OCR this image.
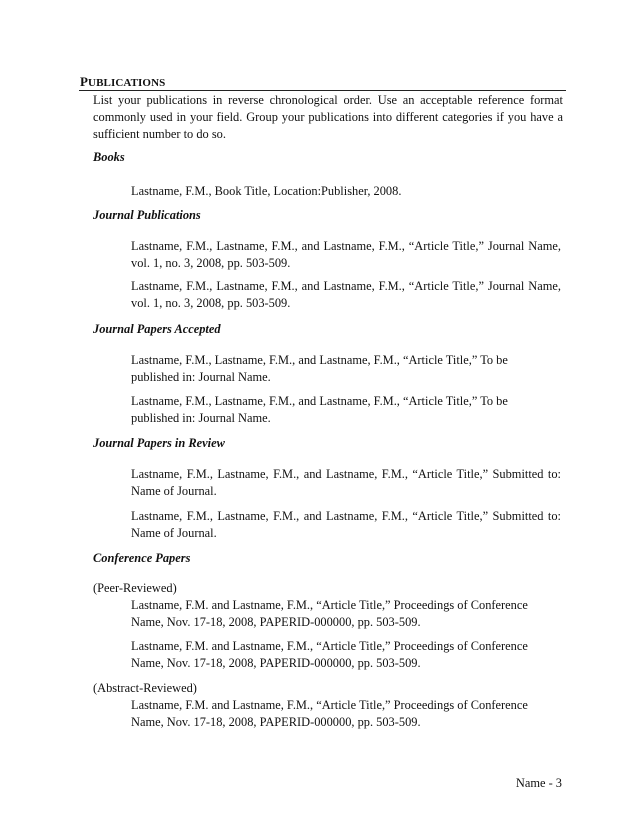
PUBLICATIONS
List your publications in reverse chronological order. Use an acceptable reference format
commonly used in your field. Group your publications into different categories if you have a
sufficient number to do so.
Books
Lastname, F.M., Book Title, Location:Publisher, 2008.
Journal Publications
Lastname, F.M., Lastname, F.M., and Lastname, F.M., “Article Title,” Journal Name,
vol. 1, no. 3, 2008, pp. 503-509.
Lastname, F.M., Lastname, F.M., and Lastname, F.M., “Article Title,” Journal Name,
vol. 1, no. 3, 2008, pp. 503-509.
Journal Papers Accepted
Lastname, F.M., Lastname, F.M., and Lastname, F.M., “Article Title,” To be
published in: Journal Name.
Lastname, F.M., Lastname, F.M., and Lastname, F.M., “Article Title,” To be
published in: Journal Name.
Journal Papers in Review
Lastname, F.M., Lastname, F.M., and Lastname, F.M., “Article Title,” Submitted to:
Name of Journal.
Lastname, F.M., Lastname, F.M., and Lastname, F.M., “Article Title,” Submitted to:
Name of Journal.
Conference Papers
(Peer-Reviewed)
Lastname, F.M. and Lastname, F.M., “Article Title,” Proceedings of Conference
Name, Nov. 17-18, 2008, PAPERID-000000, pp. 503-509.
Lastname, F.M. and Lastname, F.M., “Article Title,” Proceedings of Conference
Name, Nov. 17-18, 2008, PAPERID-000000, pp. 503-509.
(Abstract-Reviewed)
Lastname, F.M. and Lastname, F.M., “Article Title,” Proceedings of Conference
Name, Nov. 17-18, 2008, PAPERID-000000, pp. 503-509.
Name - 3
